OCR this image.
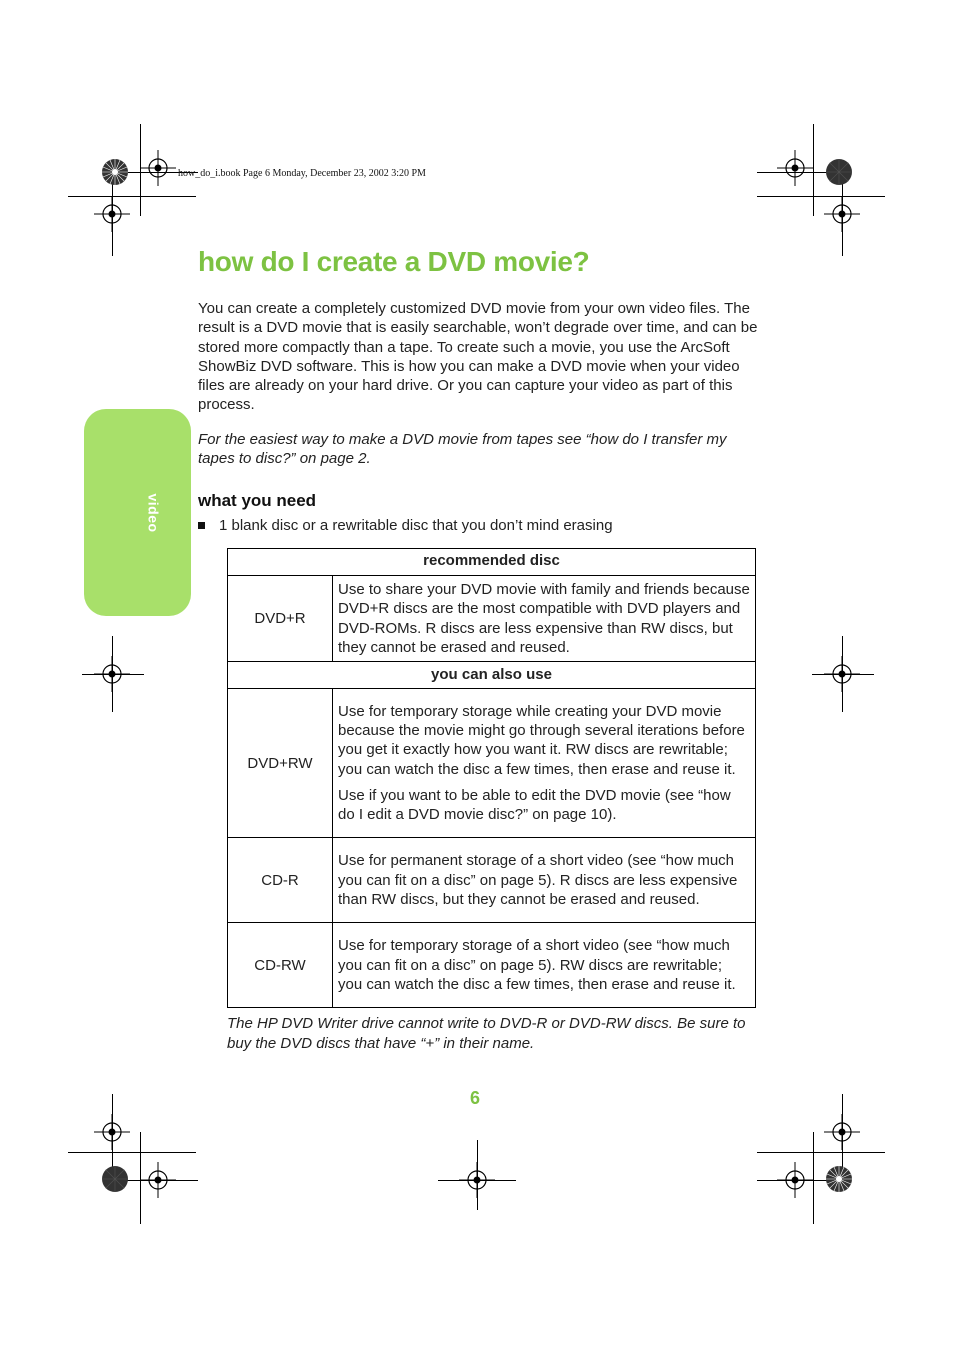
how_do_i.book Page 6 Monday, December 23, 2002 3:20 PM
video
how do I create a DVD movie?

You can create a completely customized DVD movie from your own video files. The result is a DVD movie that is easily searchable, won’t degrade over time, and can be stored more compactly than a tape. To create such a movie, you use the ArcSoft ShowBiz DVD software. This is how you can make a DVD movie when your video files are already on your hard drive. Or you can capture your video as part of this process.

For the easiest way to make a DVD movie from tapes see “how do I transfer my tapes to disc?” on page 2.

what you need
1 blank disc or a rewritable disc that you don’t mind erasing
recommended disc	
DVD+R	Use to share your DVD movie with family and friends because DVD+R discs are the most compatible with DVD players and DVD-ROMs. R discs are less expensive than RW discs, but they cannot be erased and reused.

you can also use	
DVD+RW	Use for temporary storage while creating your DVD movie because the movie might go through several iterations before you get it exactly how you want it. RW discs are rewritable; you can watch the disc a few times, then erase and reuse it.

Use if you want to be able to edit the DVD movie (see “how do I edit a DVD movie disc?” on page 10).

CD-R	Use for permanent storage of a short video (see “how much you can fit on a disc” on page 5). R discs are less expensive than RW discs, but they cannot be erased and reused.

CD-RW	Use for temporary storage of a short video (see “how much you can fit on a disc” on page 5). RW discs are rewritable; you can watch the disc a few times, then erase and reuse it.

The HP DVD Writer drive cannot write to DVD-R or DVD-RW discs. Be sure to buy the DVD discs that have “+” in their name.

6
